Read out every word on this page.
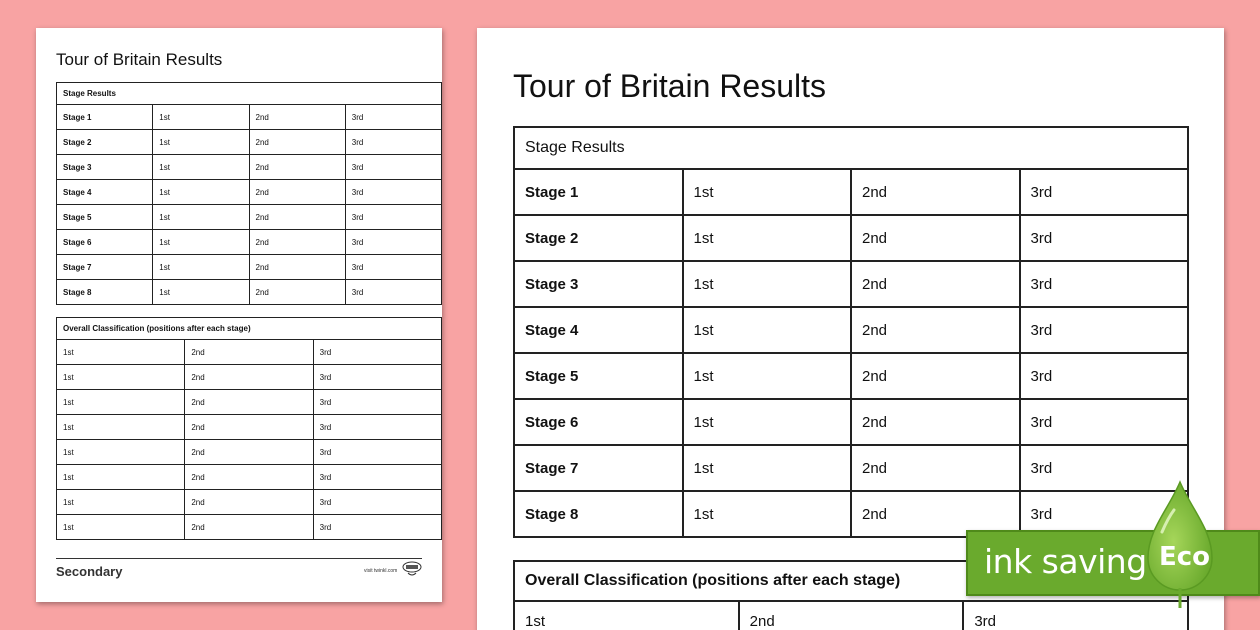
Tour of Britain Results
Stage Results			
Stage 1	1st	2nd	3rd
Stage 2	1st	2nd	3rd
Stage 3	1st	2nd	3rd
Stage 4	1st	2nd	3rd
Stage 5	1st	2nd	3rd
Stage 6	1st	2nd	3rd
Stage 7	1st	2nd	3rd
Stage 8	1st	2nd	3rd
Overall Classification (positions after each stage)		
1st	2nd	3rd
1st	2nd	3rd
1st	2nd	3rd
1st	2nd	3rd
1st	2nd	3rd
1st	2nd	3rd
1st	2nd	3rd
1st	2nd	3rd
Secondary	visit twinkl.com
Tour of Britain Results
Stage Results			
Stage 1	1st	2nd	3rd
Stage 2	1st	2nd	3rd
Stage 3	1st	2nd	3rd
Stage 4	1st	2nd	3rd
Stage 5	1st	2nd	3rd
Stage 6	1st	2nd	3rd
Stage 7	1st	2nd	3rd
Stage 8	1st	2nd	3rd
Overall Classification (positions after each stage)
1st	2nd	3rd
ink saving Eco
